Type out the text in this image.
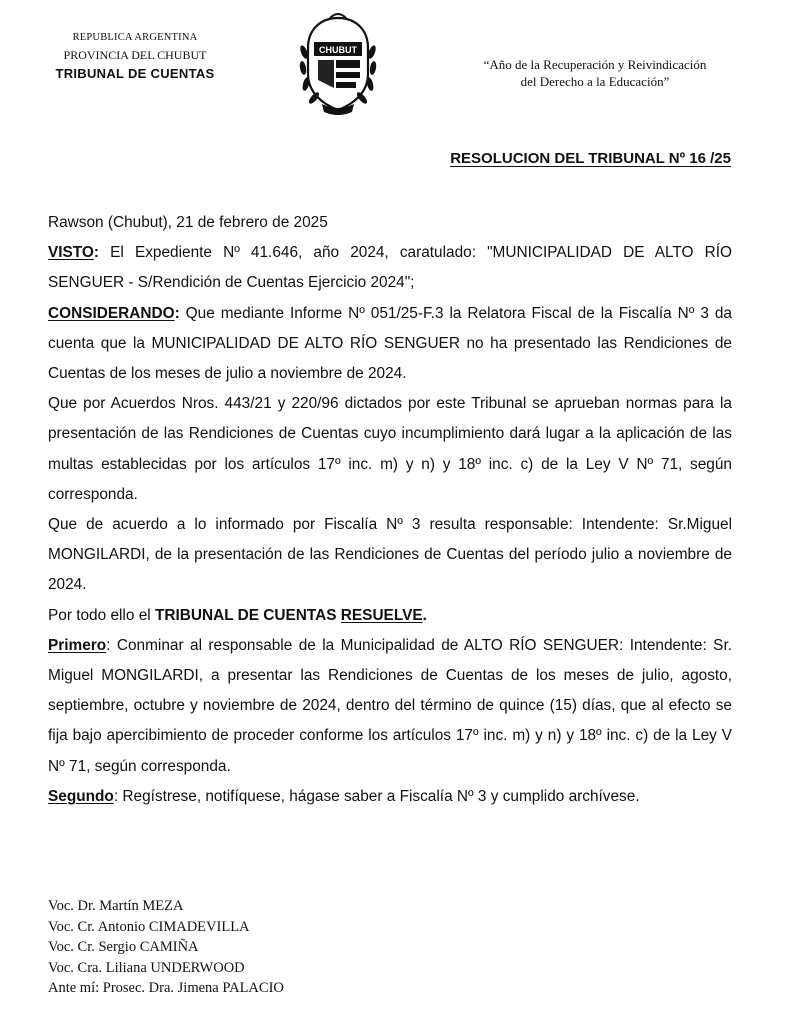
REPUBLICA ARGENTINA
PROVINCIA DEL CHUBUT
TRIBUNAL DE CUENTAS
CHUBUT
“Año de la Recuperación y Reivindicación
del Derecho a la Educación”
RESOLUCION DEL TRIBUNAL Nº 16 /25

Rawson (Chubut), 21 de febrero de 2025

VISTO: El Expediente Nº 41.646, año 2024, caratulado: "MUNICIPALIDAD DE ALTO RÍO SENGUER - S/Rendición de Cuentas Ejercicio 2024";

CONSIDERANDO: Que mediante Informe Nº 051/25-F.3 la Relatora Fiscal de la Fiscalía Nº 3 da cuenta que la MUNICIPALIDAD DE ALTO RÍO SENGUER no ha presentado las Rendiciones de Cuentas de los meses de julio a noviembre de 2024.

Que por Acuerdos Nros. 443/21 y 220/96 dictados por este Tribunal se aprueban normas para la presentación de las Rendiciones de Cuentas cuyo incumplimiento dará lugar a la aplicación de las multas establecidas por los artículos 17º inc. m) y n) y 18º inc. c) de la Ley V Nº 71, según corresponda.

Que de acuerdo a lo informado por Fiscalía Nº 3 resulta responsable: Intendente: Sr.Miguel MONGILARDI, de la presentación de las Rendiciones de Cuentas del período julio a noviembre de 2024.

Por todo ello el TRIBUNAL DE CUENTAS RESUELVE.

Primero: Conminar al responsable de la Municipalidad de ALTO RÍO SENGUER: Intendente: Sr. Miguel MONGILARDI, a presentar las Rendiciones de Cuentas de los meses de julio, agosto, septiembre, octubre y noviembre de 2024, dentro del término de quince (15) días, que al efecto se fija bajo apercibimiento de proceder conforme los artículos 17º inc. m) y n) y 18º inc. c) de la Ley V Nº 71, según corresponda.

Segundo: Regístrese, notifíquese, hágase saber a Fiscalía Nº 3 y cumplido archívese.

Voc. Dr. Martín MEZA
Voc. Cr. Antonio CIMADEVILLA
Voc. Cr. Sergio CAMIÑA
Voc. Cra. Liliana UNDERWOOD
Ante mí: Prosec. Dra. Jimena PALACIO
